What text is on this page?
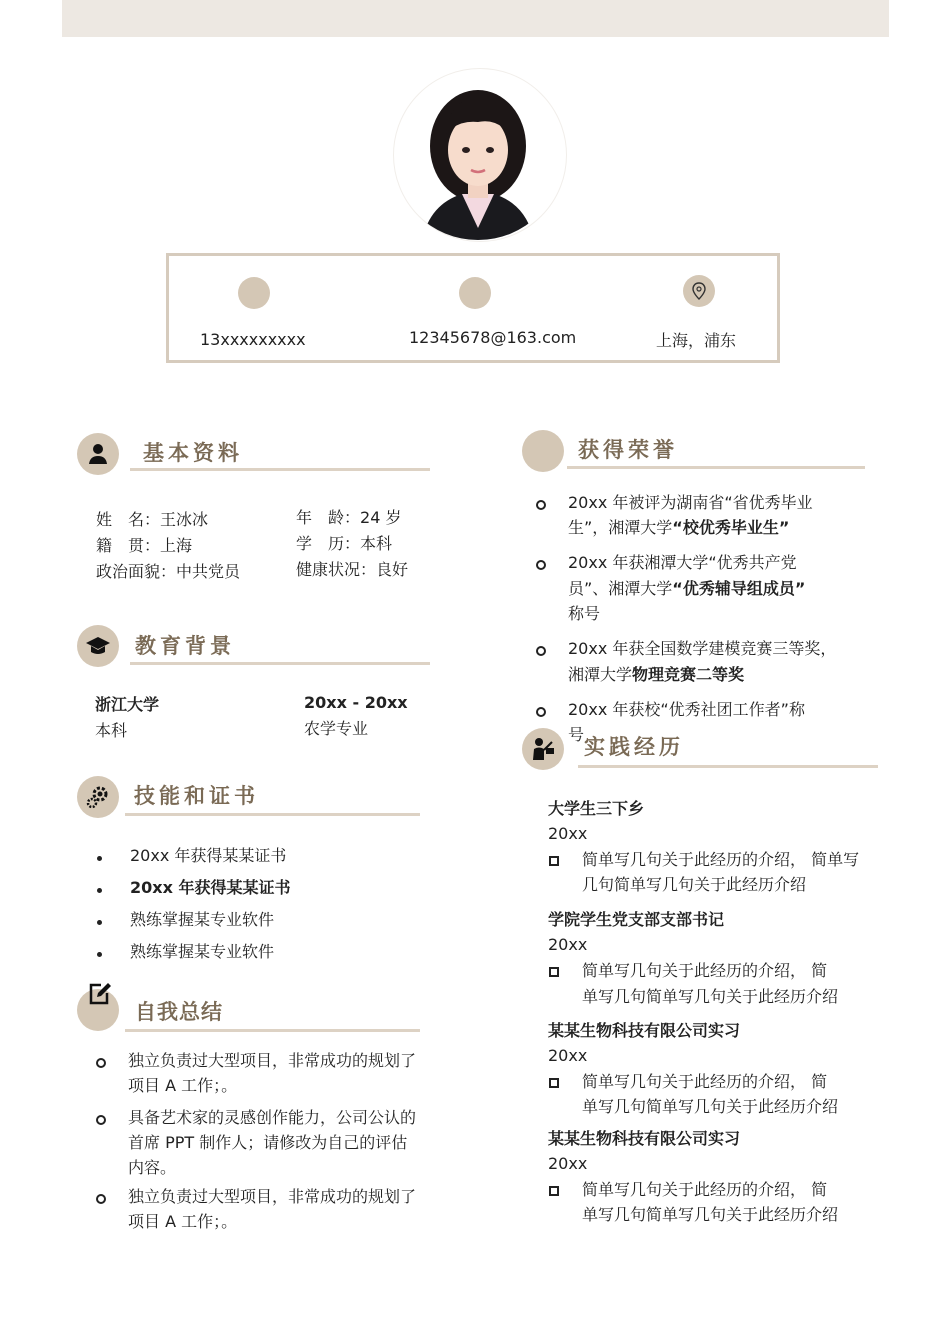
13xxxxxxxxx	12345678@163.com	上海，浦东
基本资料
姓　名：王冰冰
籍　贯：上海
政治面貌：中共党员
年　龄：24 岁
学　历：本科
健康状况：良好
教育背景
浙江大学
本科
20xx - 20xx
农学专业
技能和证书
20xx 年获得某某证书
20xx 年获得某某证书
熟练掌握某专业软件
熟练掌握某专业软件
自我总结
独立负责过大型项目，非常成功的规划了项目 A 工作；。
具备艺术家的灵感创作能力，公司公认的首席 PPT 制作人；请修改为自己的评估内容。
独立负责过大型项目，非常成功的规划了项目 A 工作；。
获得荣誉
20xx 年被评为湖南省“省优秀毕业
生”，湘潭大学“校优秀毕业生”
20xx 年获湘潭大学“优秀共产党
员”、湘潭大学“优秀辅导组成员”
称号
20xx 年获全国数学建模竞赛三等奖，
湘潭大学物理竞赛二等奖
20xx 年获校“优秀社团工作者”称
号
实践经历
大学生三下乡
20xx
简单写几句关于此经历的介绍， 简单写
几句简单写几句关于此经历介绍
学院学生党支部支部书记
20xx
简单写几句关于此经历的介绍， 简
单写几句简单写几句关于此经历介绍
某某生物科技有限公司实习
20xx
简单写几句关于此经历的介绍， 简
单写几句简单写几句关于此经历介绍
某某生物科技有限公司实习
20xx
简单写几句关于此经历的介绍， 简
单写几句简单写几句关于此经历介绍
